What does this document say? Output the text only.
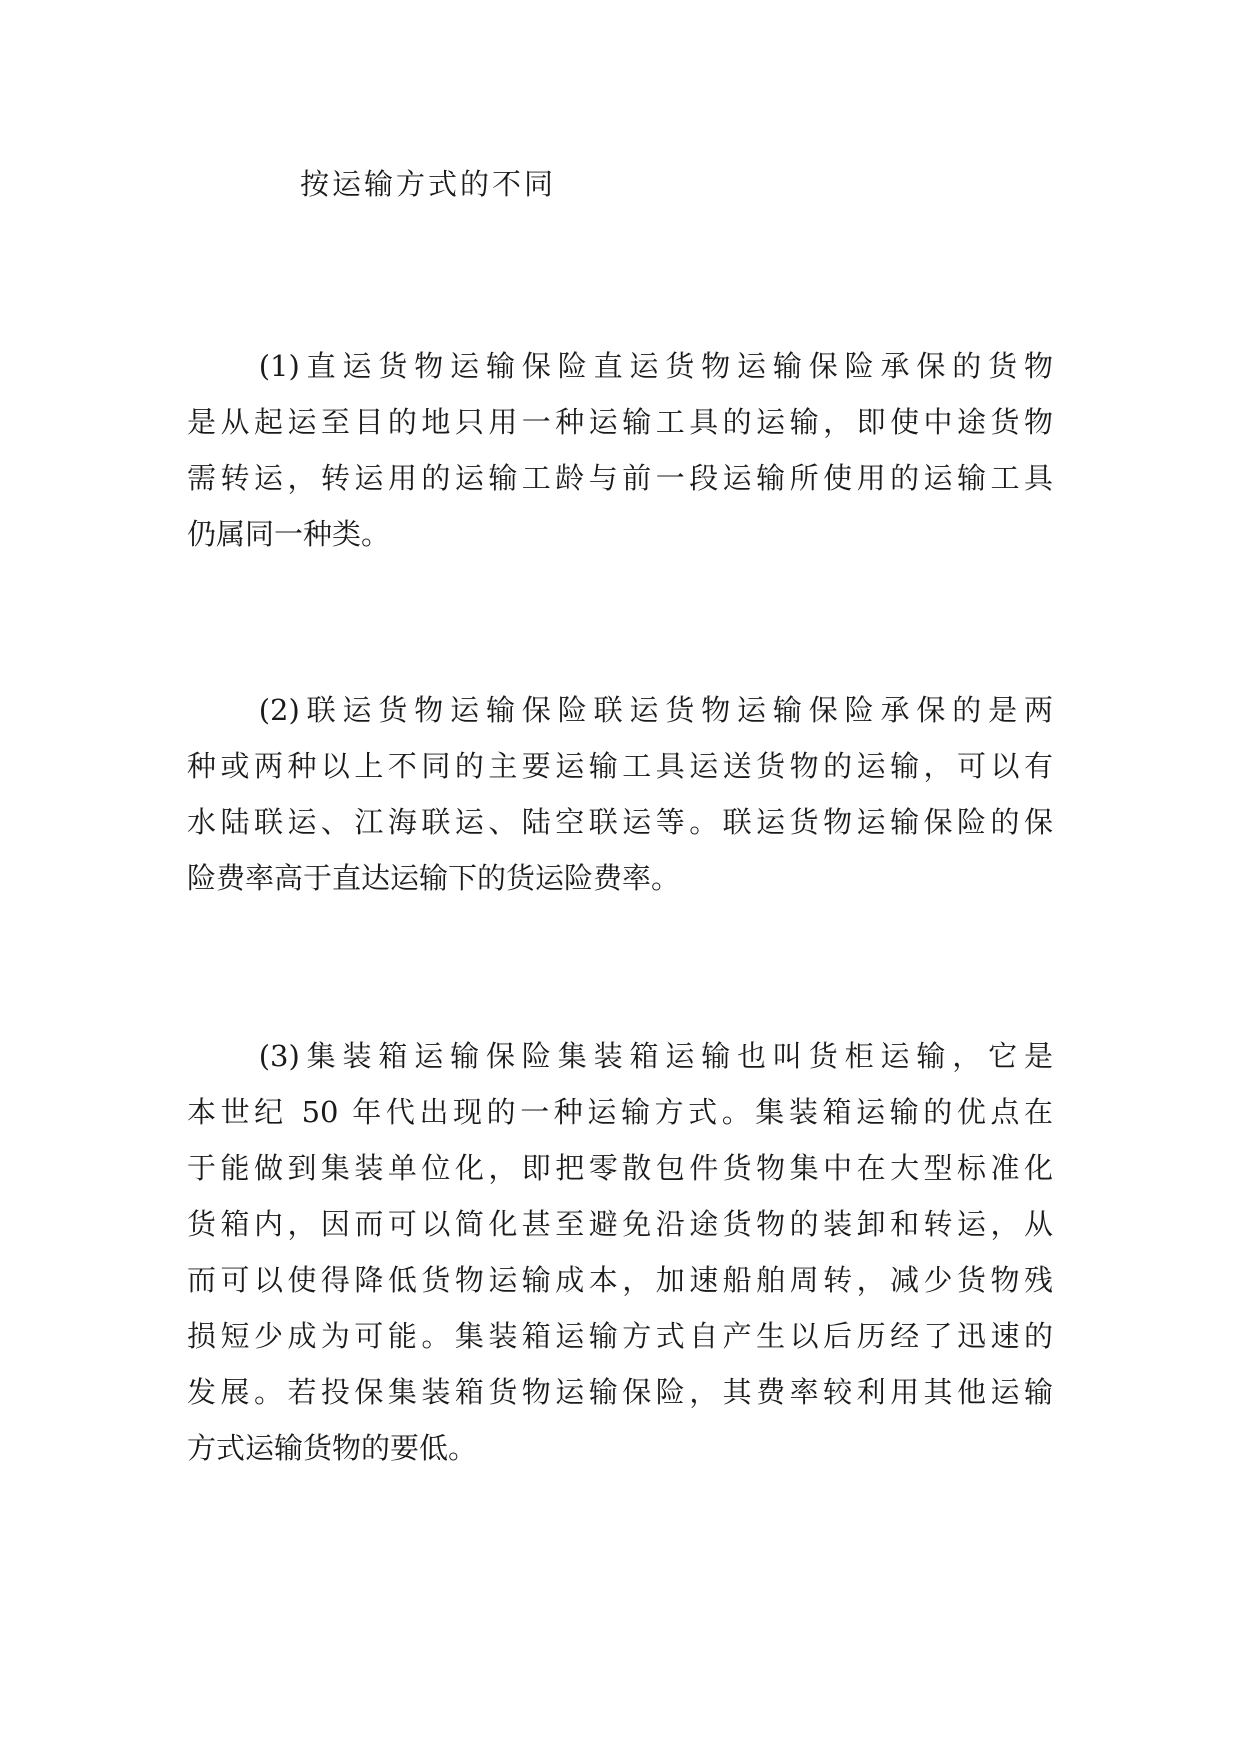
按运输方式的不同
　　(1)直运货物运输保险直运货物运输保险承保的货物
是从起运至目的地只用一种运输工具的运输，即使中途货物
需转运，转运用的运输工龄与前一段运输所使用的运输工具
仍属同一种类。
　　(2)联运货物运输保险联运货物运输保险承保的是两
种或两种以上不同的主要运输工具运送货物的运输，可以有
水陆联运、江海联运、陆空联运等。联运货物运输保险的保
险费率高于直达运输下的货运险费率。
　　(3)集装箱运输保险集装箱运输也叫货柜运输，它是
本世纪 50 年代出现的一种运输方式。集装箱运输的优点在
于能做到集装单位化，即把零散包件货物集中在大型标准化
货箱内，因而可以简化甚至避免沿途货物的装卸和转运，从
而可以使得降低货物运输成本，加速船舶周转，减少货物残
损短少成为可能。集装箱运输方式自产生以后历经了迅速的
发展。若投保集装箱货物运输保险，其费率较利用其他运输
方式运输货物的要低。
